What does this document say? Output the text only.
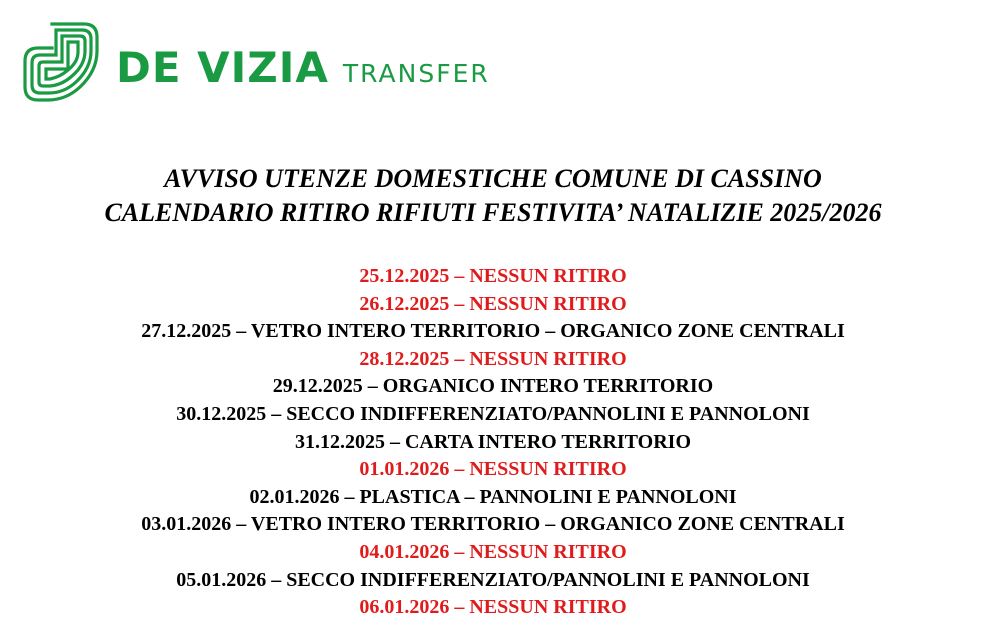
DE VIZIA TRANSFER
AVVISO UTENZE DOMESTICHE COMUNE DI CASSINO
CALENDARIO RITIRO RIFIUTI FESTIVITA’ NATALIZIE 2025/2026
25.12.2025 – NESSUN RITIRO
26.12.2025 – NESSUN RITIRO
27.12.2025 – VETRO INTERO TERRITORIO – ORGANICO ZONE CENTRALI
28.12.2025 – NESSUN RITIRO
29.12.2025 – ORGANICO INTERO TERRITORIO
30.12.2025 – SECCO INDIFFERENZIATO/PANNOLINI E PANNOLONI
31.12.2025 – CARTA INTERO TERRITORIO
01.01.2026 – NESSUN RITIRO
02.01.2026 – PLASTICA – PANNOLINI E PANNOLONI
03.01.2026 – VETRO INTERO TERRITORIO – ORGANICO ZONE CENTRALI
04.01.2026 – NESSUN RITIRO
05.01.2026 – SECCO INDIFFERENZIATO/PANNOLINI E PANNOLONI
06.01.2026 – NESSUN RITIRO
